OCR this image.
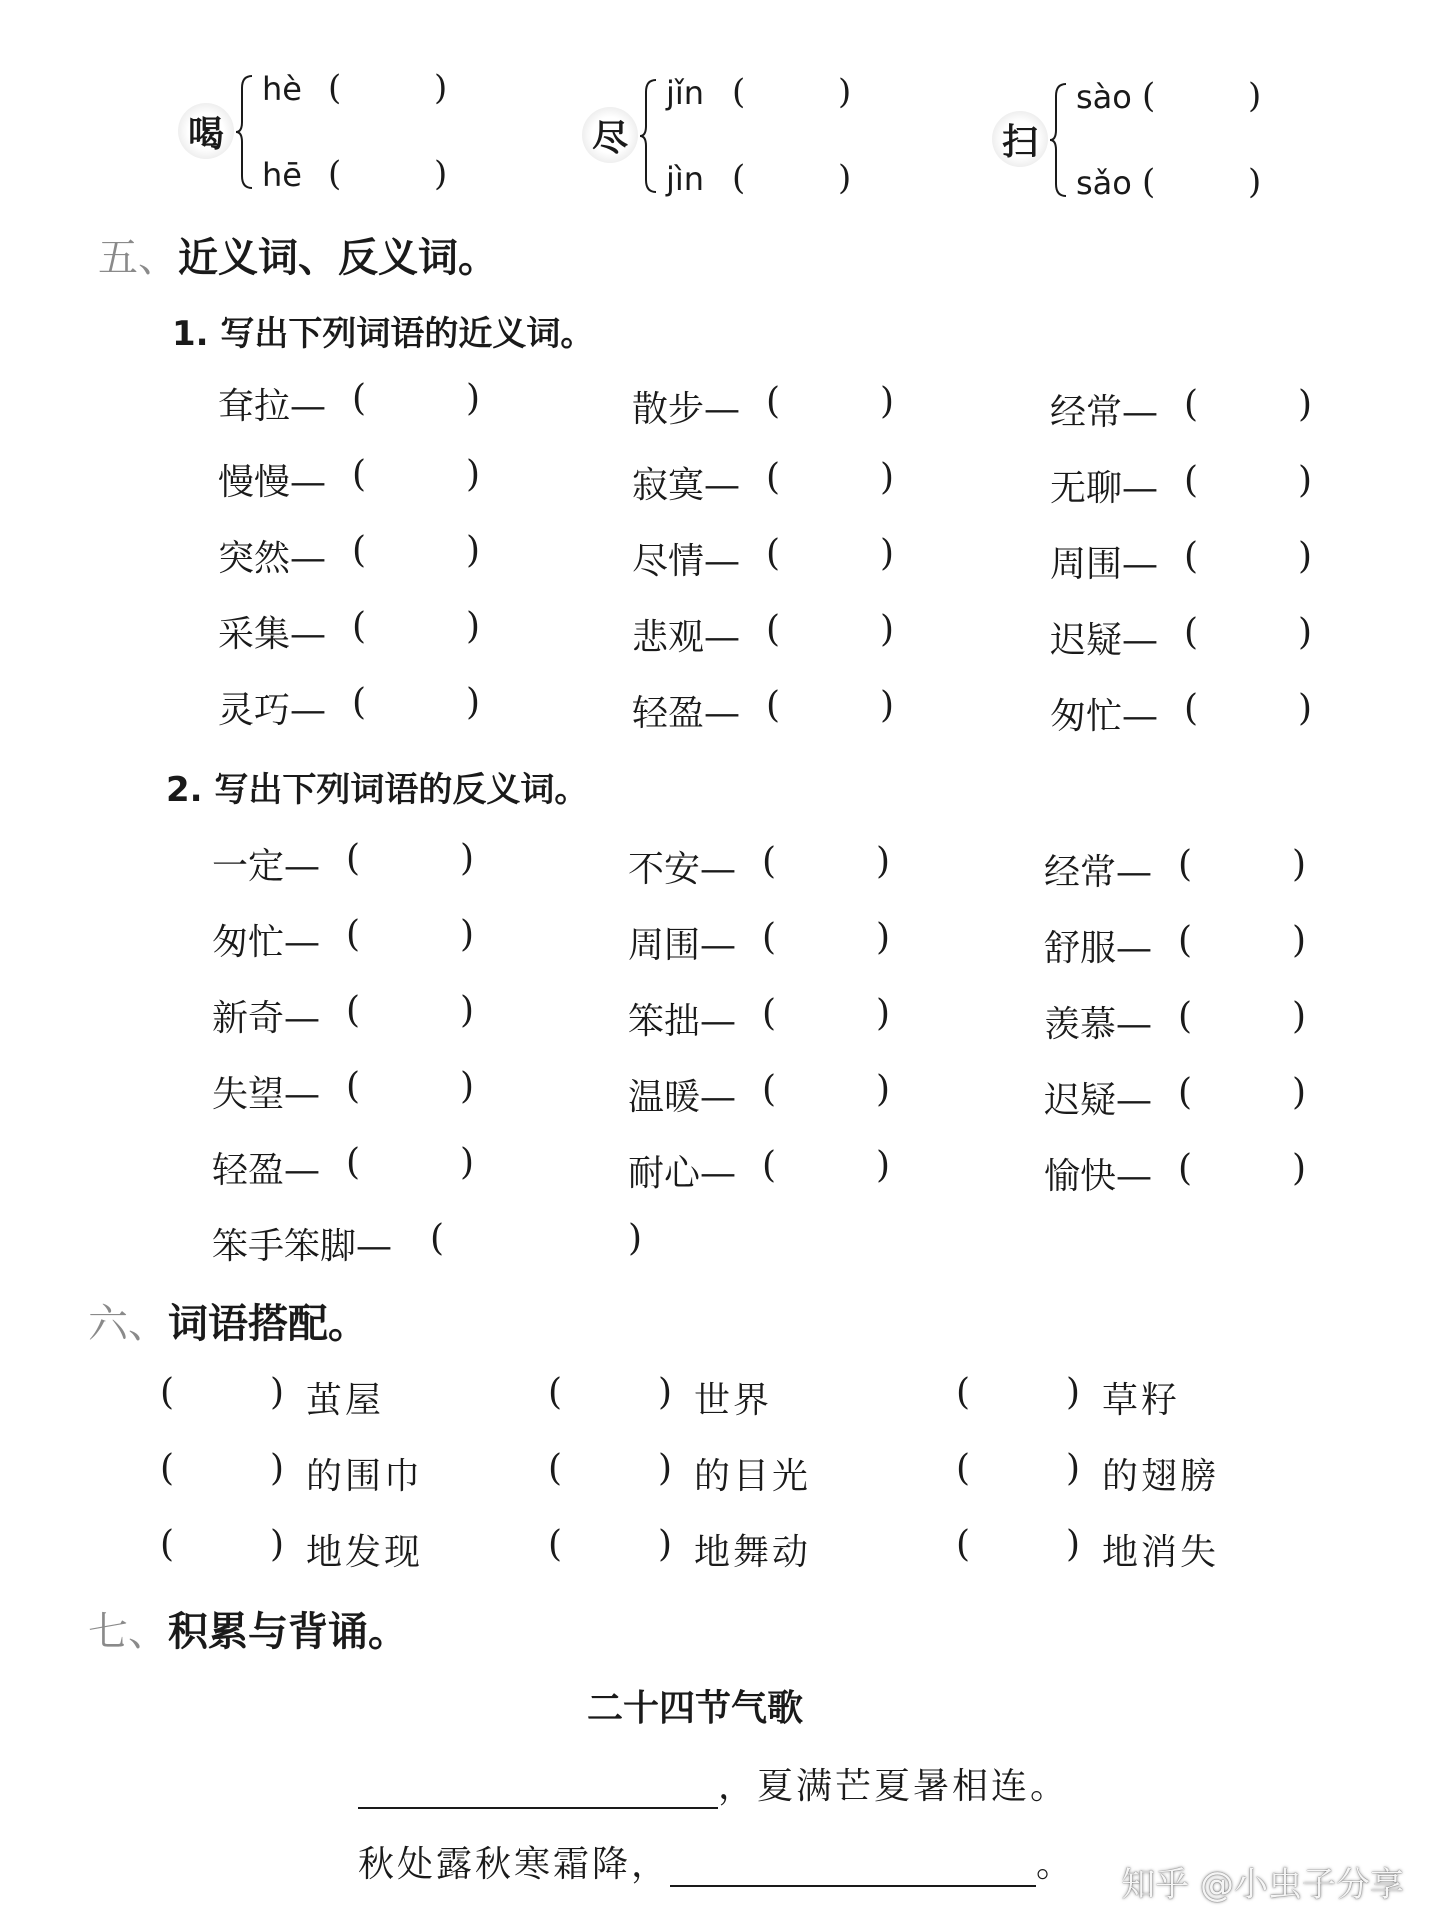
喝
hè (	)
hē (	)
尽
jǐn (	)
jìn (	)
扫
sào (	)
sǎo (	)
五、近义词、反义词。
1. 写出下列词语的近义词。
耷拉— (	)	散步— (	)	经常— (	)
慢慢— (	)	寂寞— (	)	无聊— (	)
突然— (	)	尽情— (	)	周围— (	)
采集— (	)	悲观— (	)	迟疑— (	)
灵巧— (	)	轻盈— (	)	匆忙— (	)
2. 写出下列词语的反义词。
一定— (	)	不安— (	)	经常— (	)
匆忙— (	)	周围— (	)	舒服— (	)
新奇— (	)	笨拙— (	)	羡慕— (	)
失望— (	)	温暖— (	)	迟疑— (	)
轻盈— (	)	耐心— (	)	愉快— (	)
笨手笨脚— (	)
六、词语搭配。
(	) 茧屋	(	) 世界	(	) 草籽
(	) 的围巾	(	) 的目光	(	) 的翅膀
(	) 地发现	(	) 地舞动	(	) 地消失
七、积累与背诵。
二十四节气歌
，夏满芒夏暑相连。
秋处露秋寒霜降，	。 知乎 @小虫子分享
